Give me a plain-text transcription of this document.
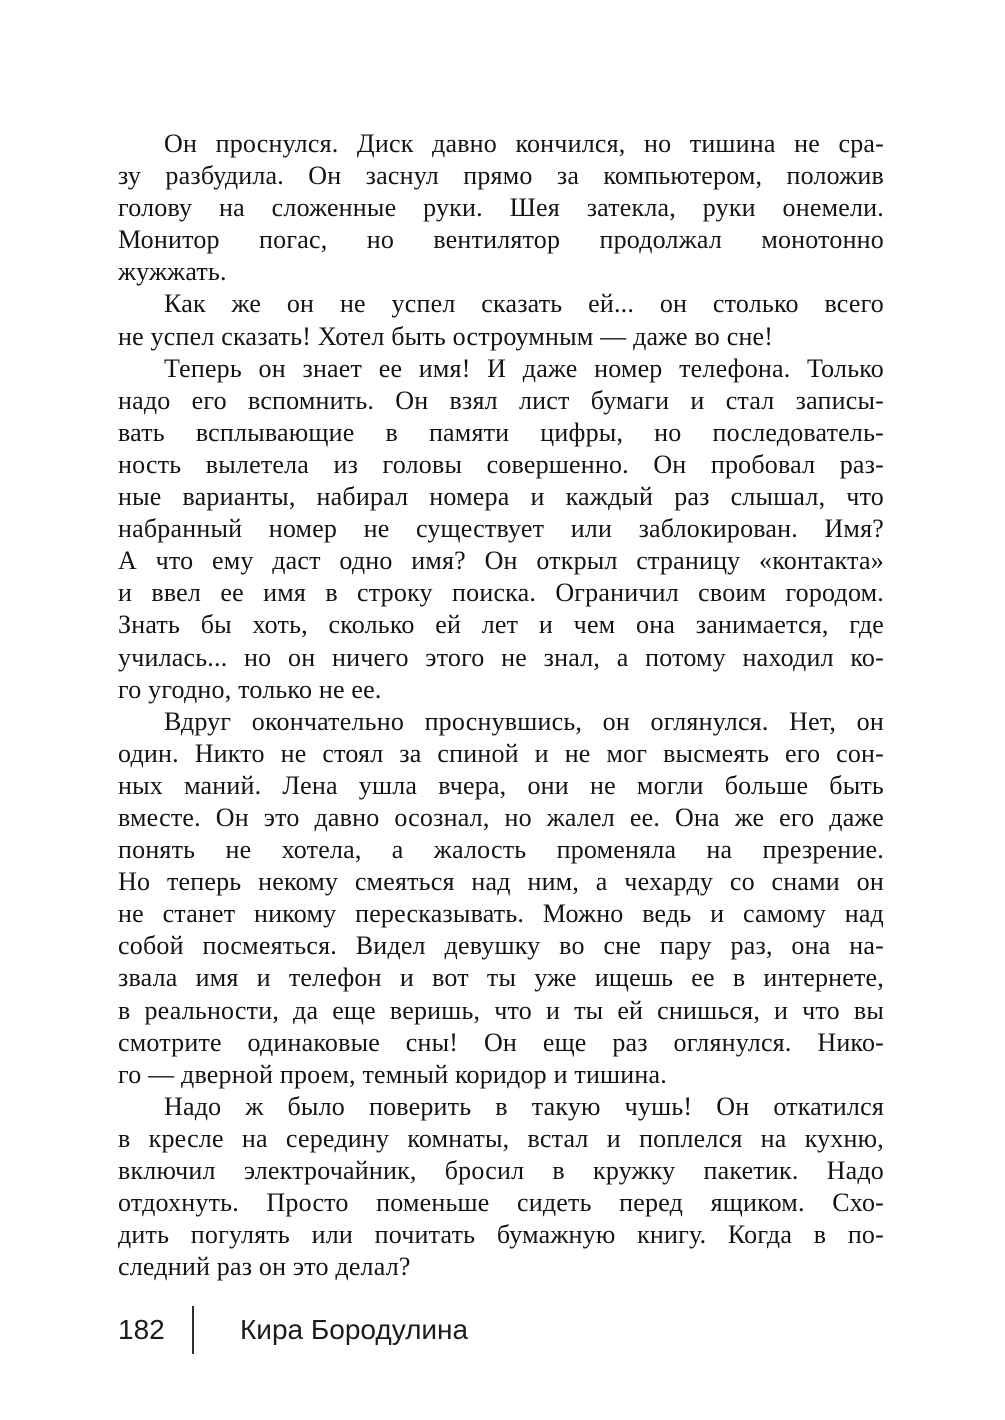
Он проснулся. Диск давно кончился, но тишина не сра-
зу разбудила. Он заснул прямо за компьютером, положив
голову на сложенные руки. Шея затекла, руки онемели.
Монитор погас, но вентилятор продолжал монотонно
жужжать.
Как же он не успел сказать ей... он столько всего
не успел сказать! Хотел быть остроумным — даже во сне!
Теперь он знает ее имя! И даже номер телефона. Только
надо его вспомнить. Он взял лист бумаги и стал записы-
вать всплывающие в памяти цифры, но последователь-
ность вылетела из головы совершенно. Он пробовал раз-
ные варианты, набирал номера и каждый раз слышал, что
набранный номер не существует или заблокирован. Имя?
А что ему даст одно имя? Он открыл страницу «контакта»
и ввел ее имя в строку поиска. Ограничил своим городом.
Знать бы хоть, сколько ей лет и чем она занимается, где
училась... но он ничего этого не знал, а потому находил ко-
го угодно, только не ее.
Вдруг окончательно проснувшись, он оглянулся. Нет, он
один. Никто не стоял за спиной и не мог высмеять его сон-
ных маний. Лена ушла вчера, они не могли больше быть
вместе. Он это давно осознал, но жалел ее. Она же его даже
понять не хотела, а жалость променяла на презрение.
Но теперь некому смеяться над ним, а чехарду со снами он
не станет никому пересказывать. Можно ведь и самому над
собой посмеяться. Видел девушку во сне пару раз, она на-
звала имя и телефон и вот ты уже ищешь ее в интернете,
в реальности, да еще веришь, что и ты ей снишься, и что вы
смотрите одинаковые сны! Он еще раз оглянулся. Нико-
го — дверной проем, темный коридор и тишина.
Надо ж было поверить в такую чушь! Он откатился
в кресле на середину комнаты, встал и поплелся на кухню,
включил электрочайник, бросил в кружку пакетик. Надо
отдохнуть. Просто поменьше сидеть перед ящиком. Схо-
дить погулять или почитать бумажную книгу. Когда в по-
следний раз он это делал?
182	Кира Бородулина
